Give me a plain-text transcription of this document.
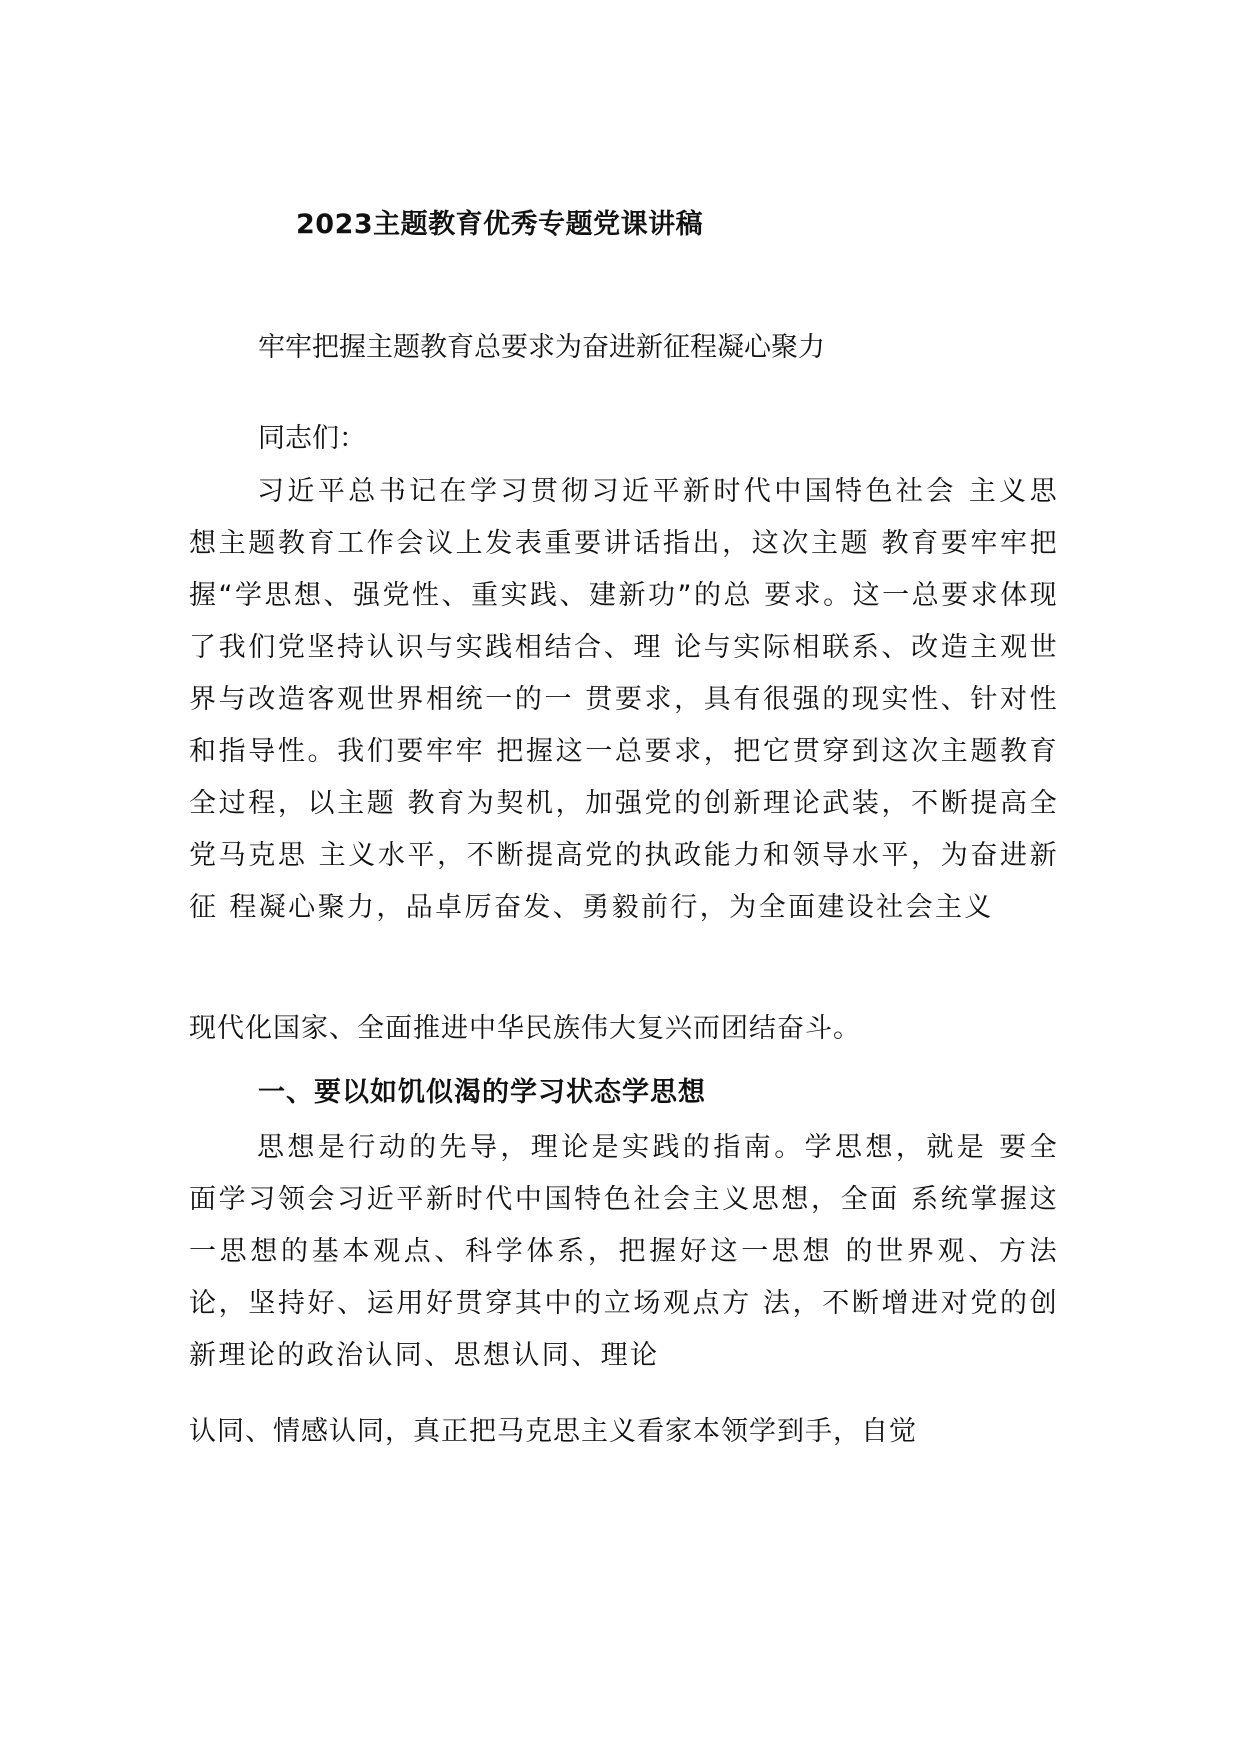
2023主题教育优秀专题党课讲稿
牢牢把握主题教育总要求为奋进新征程凝心聚力
同志们：

习近平总书记在学习贯彻习近平新时代中国特色社会 主义思想主题教育工作会议上发表重要讲话指出，这次主题 教育要牢牢把握“学思想、强党性、重实践、建新功”的总 要求。这一总要求体现了我们党坚持认识与实践相结合、理 论与实际相联系、改造主观世界与改造客观世界相统一的一 贯要求，具有很强的现实性、针对性和指导性。我们要牢牢 把握这一总要求，把它贯穿到这次主题教育全过程，以主题 教育为契机，加强党的创新理论武装，不断提高全党马克思 主义水平，不断提高党的执政能力和领导水平，为奋进新征 程凝心聚力，品卓厉奋发、勇毅前行，为全面建设社会主义

现代化国家、全面推进中华民族伟大复兴而团结奋斗。

一、要以如饥似渴的学习状态学思想

思想是行动的先导，理论是实践的指南。学思想，就是 要全面学习领会习近平新时代中国特色社会主义思想，全面 系统掌握这一思想的基本观点、科学体系，把握好这一思想 的世界观、方法论，坚持好、运用好贯穿其中的立场观点方 法，不断增进对党的创新理论的政治认同、思想认同、理论

认同、情感认同，真正把马克思主义看家本领学到手，自觉
